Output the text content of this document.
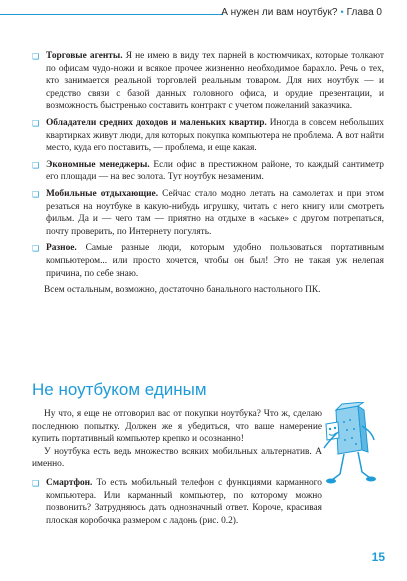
А нужен ли вам ноутбук? • Глава 0
❑ Торговые агенты. Я не имею в виду тех парней в костюмчиках, которые толкают по офисам чудо-ножи и всякое прочее жизненно необходимое барахло. Речь о тех, кто занимается реальной торговлей реальным товаром. Для них ноутбук — и средство связи с базой данных головного офиса, и орудие презентации, и возможность быстренько составить контракт с учетом пожеланий заказчика.
❑ Обладатели средних доходов и маленьких квартир. Иногда в совсем небольших квартирках живут люди, для которых покупка компьютера не проблема. А вот найти место, куда его поставить, — проблема, и еще какая.
❑ Экономные менеджеры. Если офис в престижном районе, то каждый сантиметр его площади — на вес золота. Тут ноутбук незаменим.
❑ Мобильные отдыхающие. Сейчас стало модно летать на самолетах и при этом резаться на ноутбуке в какую-нибудь игрушку, читать с него книгу или смотреть фильм. Да и — чего там — приятно на отдыхе в «аське» с другом потрепаться, почту проверить, по Интернету погулять.
❑ Разное. Самые разные люди, которым удобно пользоваться портативным компьютером... или просто хочется, чтобы он был! Это не такая уж нелепая причина, по себе знаю.

Всем остальным, возможно, достаточно банального настольного ПК.

Не ноутбуком единым

Ну что, я еще не отговорил вас от покупки ноутбука? Что ж, сделаю последнюю попытку. Должен же я убедиться, что ваше намерение купить портативный компьютер крепко и осознанно!

У ноутбука есть ведь множество всяких мобильных альтернатив. А именно.

❑ Смартфон. То есть мобильный телефон с функциями карманного компьютера. Или карманный компьютер, по которому можно позвонить? Затрудняюсь дать однозначный ответ. Короче, красивая плоская коробочка размером с ладонь (рис. 0.2).
15
